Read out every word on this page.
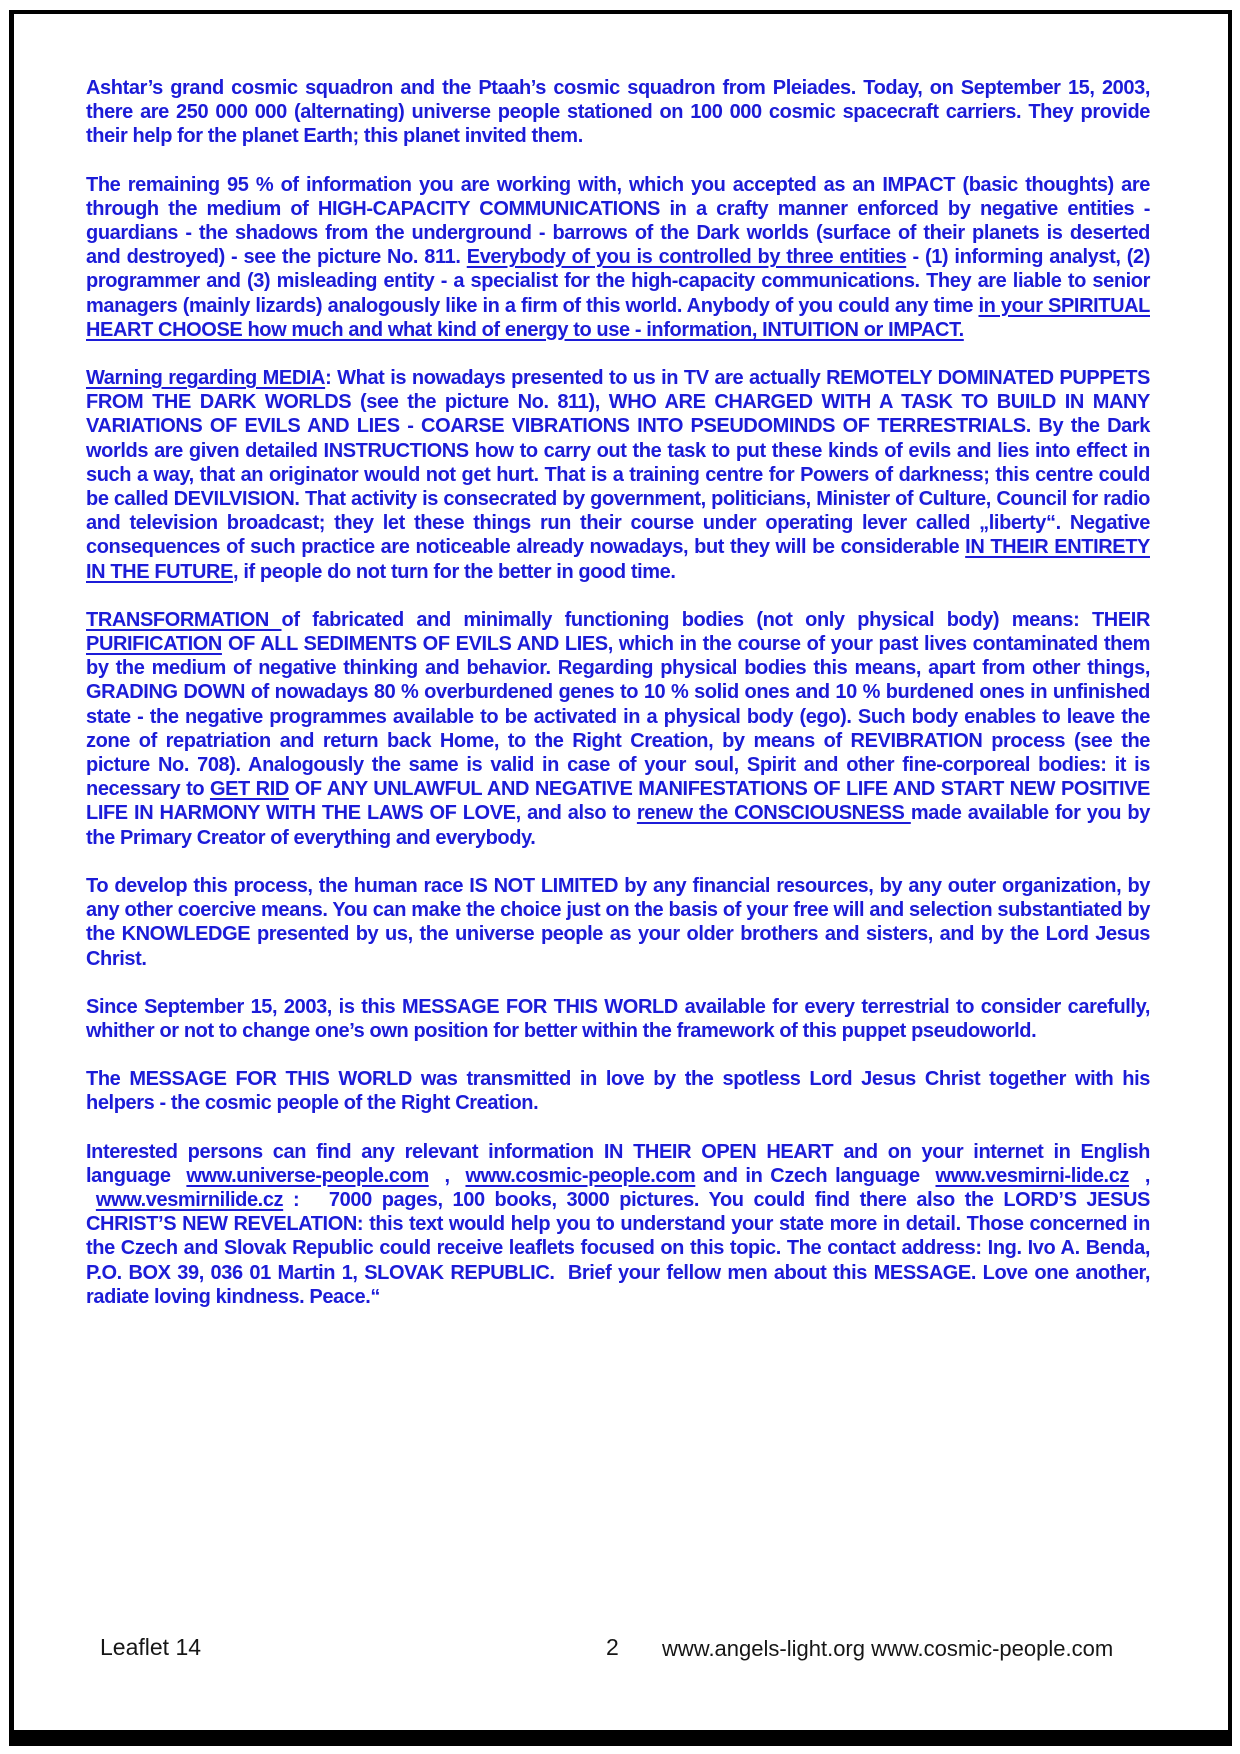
Ashtar’s grand cosmic squadron and the Ptaah’s cosmic squadron from Pleiades. Today, on September 15, 2003, there are 250 000 000 (alternating) universe people stationed on 100 000 cosmic spacecraft carriers. They provide their help for the planet Earth; this planet invited them.

The remaining 95 % of information you are working with, which you accepted as an IMPACT (basic thoughts) are through the medium of HIGH-CAPACITY COMMUNICATIONS in a crafty manner enforced by negative entities - guardians - the shadows from the underground - barrows of the Dark worlds (surface of their planets is deserted and destroyed) - see the picture No. 811. Everybody of you is controlled by three entities - (1) informing analyst, (2) programmer and (3) misleading entity - a specialist for the high-capacity communications. They are liable to senior managers (mainly lizards) analogously like in a firm of this world. Anybody of you could any time in your SPIRITUAL HEART CHOOSE how much and what kind of energy to use - information, INTUITION or IMPACT.

Warning regarding MEDIA: What is nowadays presented to us in TV are actually REMOTELY DOMINATED PUPPETS FROM THE DARK WORLDS (see the picture No. 811), WHO ARE CHARGED WITH A TASK TO BUILD IN MANY VARIATIONS OF EVILS AND LIES - COARSE VIBRATIONS INTO PSEUDOMINDS OF TERRESTRIALS. By the Dark worlds are given detailed INSTRUCTIONS how to carry out the task to put these kinds of evils and lies into effect in such a way, that an originator would not get hurt. That is a training centre for Powers of darkness; this centre could be called DEVILVISION. That activity is consecrated by government, politicians, Minister of Culture, Council for radio and television broadcast; they let these things run their course under operating lever called „liberty“. Negative consequences of such practice are noticeable already nowadays, but they will be considerable IN THEIR ENTIRETY IN THE FUTURE, if people do not turn for the better in good time.

TRANSFORMATION of fabricated and minimally functioning bodies (not only physical body) means: THEIR PURIFICATION OF ALL SEDIMENTS OF EVILS AND LIES, which in the course of your past lives contaminated them by the medium of negative thinking and behavior. Regarding physical bodies this means, apart from other things, GRADING DOWN of nowadays 80 % overburdened genes to 10 % solid ones and 10 % burdened ones in unfinished state - the negative programmes available to be activated in a physical body (ego). Such body enables to leave the zone of repatriation and return back Home, to the Right Creation, by means of REVIBRATION process (see the picture No. 708). Analogously the same is valid in case of your soul, Spirit and other fine-corporeal bodies: it is necessary to GET RID OF ANY UNLAWFUL AND NEGATIVE MANIFESTATIONS OF LIFE AND START NEW POSITIVE LIFE IN HARMONY WITH THE LAWS OF LOVE, and also to renew the CONSCIOUSNESS made available for you by the Primary Creator of everything and everybody.

To develop this process, the human race IS NOT LIMITED by any financial resources, by any outer organization, by any other coercive means. You can make the choice just on the basis of your free will and selection substantiated by the KNOWLEDGE presented by us, the universe people as your older brothers and sisters, and by the Lord Jesus Christ.

Since September 15, 2003, is this MESSAGE FOR THIS WORLD available for every terrestrial to consider carefully, whither or not to change one’s own position for better within the framework of this puppet pseudoworld.

The MESSAGE FOR THIS WORLD was transmitted in love by the spotless Lord Jesus Christ together with his helpers - the cosmic people of the Right Creation.

Interested persons can find any relevant information IN THEIR OPEN HEART and on your internet in English language  www.universe-people.com  ,  www.cosmic-people.com and in Czech language  www.vesmirni-lide.cz  ,  www.vesmirnilide.cz :   7000 pages, 100 books, 3000 pictures. You could find there also the LORD’S JESUS CHRIST’S NEW REVELATION: this text would help you to understand your state more in detail. Those concerned in the Czech and Slovak Republic could receive leaflets focused on this topic. The contact address: Ing. Ivo A. Benda, P.O. BOX 39, 036 01 Martin 1, SLOVAK REPUBLIC.  Brief your fellow men about this MESSAGE. Love one another, radiate loving kindness. Peace.“

Leaflet 14	2 www.angels-light.org www.cosmic-people.com
